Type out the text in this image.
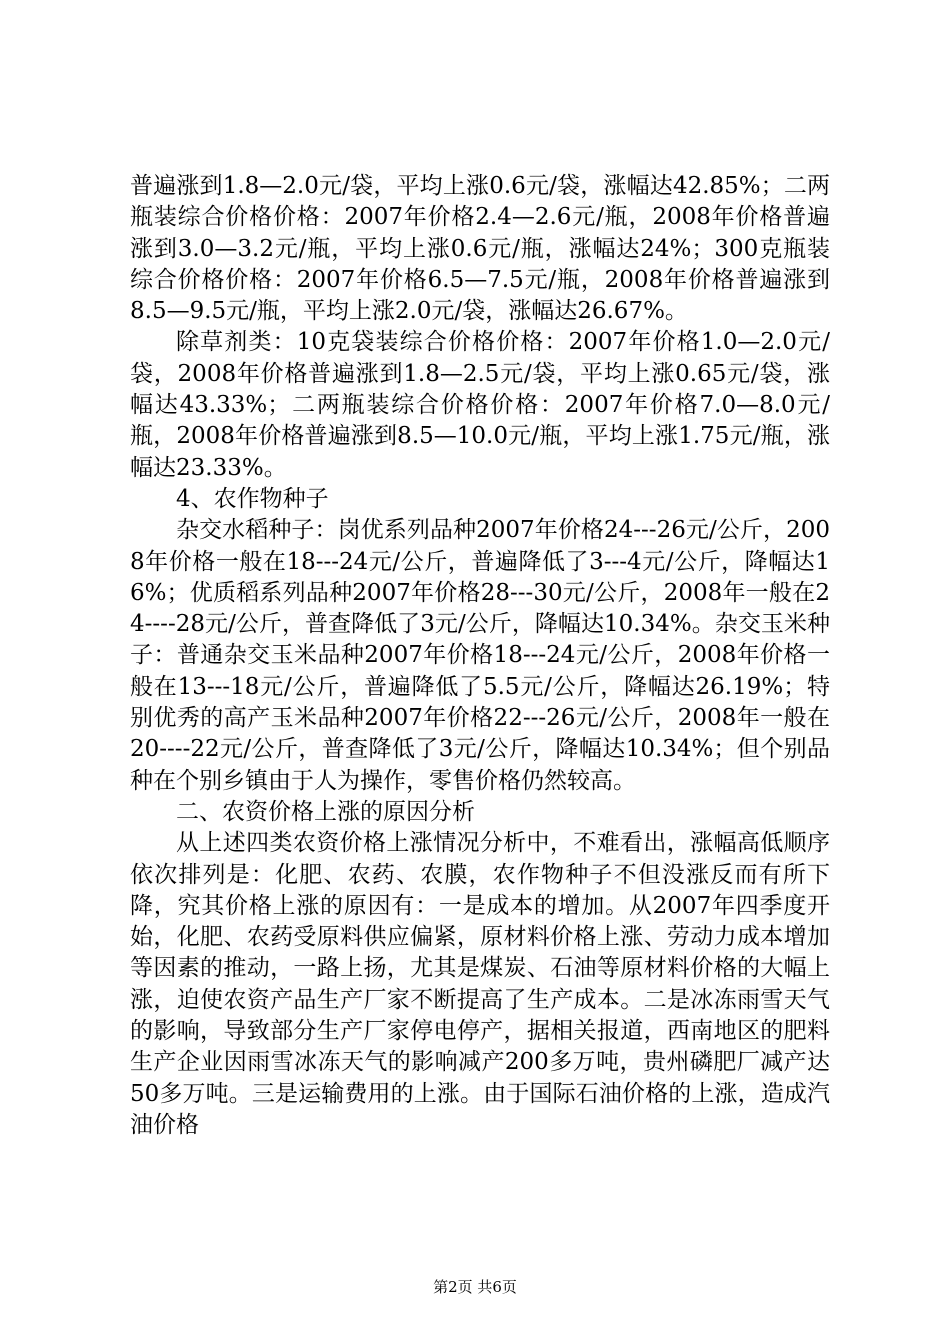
普遍涨到1.8—2.0元/袋，平均上涨0.6元/袋，涨幅达42.85%；二两瓶装综合价格价格：2007年价格2.4—2.6元/瓶，2008年价格普遍涨到3.0—3.2元/瓶，平均上涨0.6元/瓶，涨幅达24%；300克瓶装综合价格价格：2007年价格6.5—7.5元/瓶，2008年价格普遍涨到8.5—9.5元/瓶，平均上涨2.0元/袋，涨幅达26.67%。

除草剂类：10克袋装综合价格价格：2007年价格1.0—2.0元/袋，2008年价格普遍涨到1.8—2.5元/袋，平均上涨0.65元/袋，涨幅达43.33%；二两瓶装综合价格价格：2007年价格7.0—8.0元/瓶，2008年价格普遍涨到8.5—10.0元/瓶，平均上涨1.75元/瓶，涨幅达23.33%。

4、农作物种子

杂交水稻种子：岗优系列品种2007年价格24---26元/公斤，2008年价格一般在18---24元/公斤，普遍降低了3---4元/公斤，降幅达16%；优质稻系列品种2007年价格28---30元/公斤，2008年一般在24----28元/公斤，普查降低了3元/公斤，降幅达10.34%。杂交玉米种子：普通杂交玉米品种2007年价格18---24元/公斤，2008年价格一般在13---18元/公斤，普遍降低了5.5元/公斤，降幅达26.19%；特别优秀的高产玉米品种2007年价格22---26元/公斤，2008年一般在20----22元/公斤，普查降低了3元/公斤，降幅达10.34%；但个别品种在个别乡镇由于人为操作，零售价格仍然较高。

二、农资价格上涨的原因分析

从上述四类农资价格上涨情况分析中，不难看出，涨幅高低顺序依次排列是：化肥、农药、农膜，农作物种子不但没涨反而有所下降，究其价格上涨的原因有：一是成本的增加。从2007年四季度开始，化肥、农药受原料供应偏紧，原材料价格上涨、劳动力成本增加等因素的推动，一路上扬，尤其是煤炭、石油等原材料价格的大幅上涨，迫使农资产品生产厂家不断提高了生产成本。二是冰冻雨雪天气的影响，导致部分生产厂家停电停产，据相关报道，西南地区的肥料生产企业因雨雪冰冻天气的影响减产200多万吨，贵州磷肥厂减产达50多万吨。三是运输费用的上涨。由于国际石油价格的上涨，造成汽油价格

第2页 共6页
